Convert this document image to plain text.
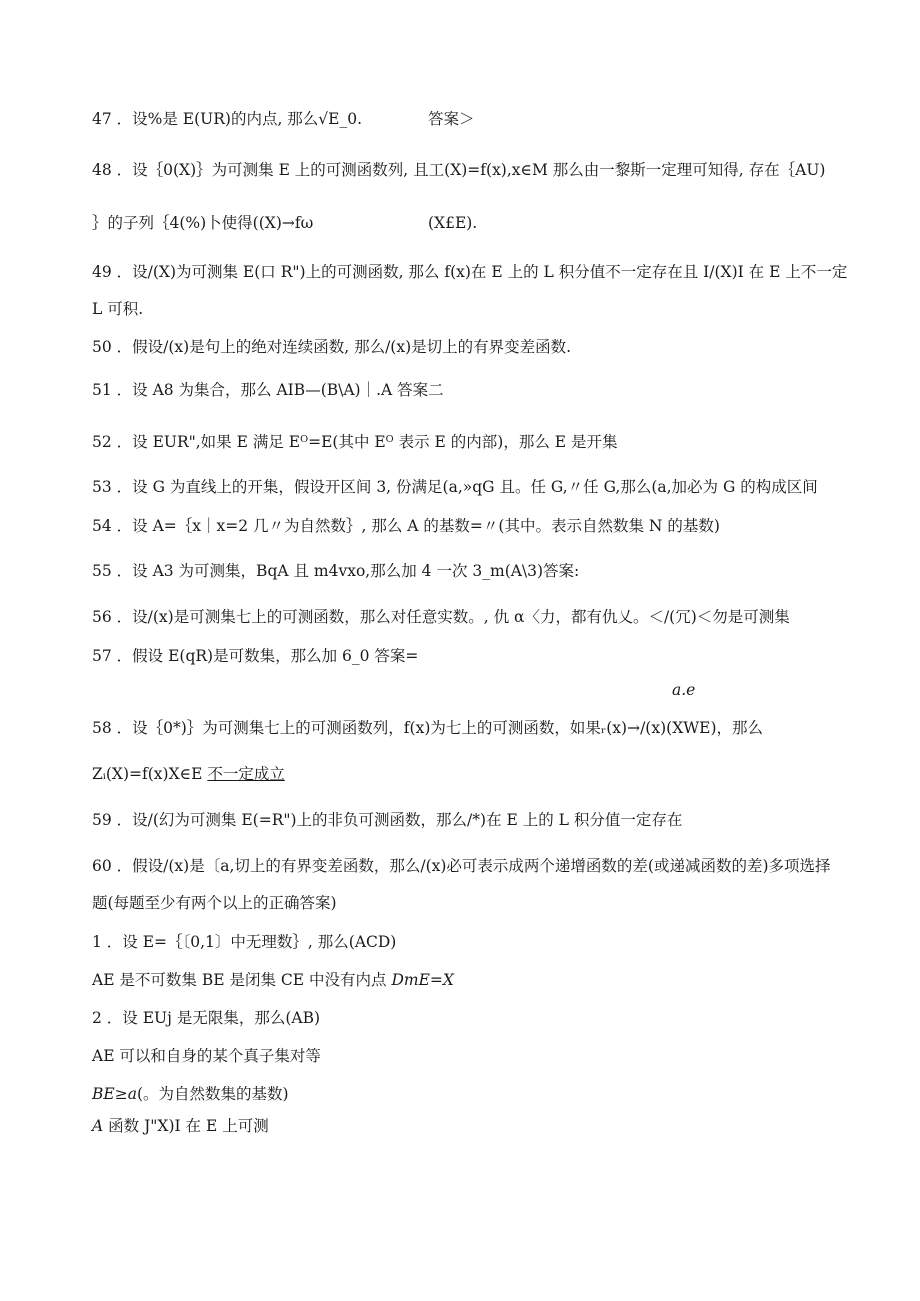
47 ．设%是 E(UR)的内点, 那么√E_0.	答案＞
48 ．设｛0(X)｝为可测集 E 上的可测函数列, 且工(X)=f(x),x∈M 那么由一黎斯一定理可知得, 存在｛AU)
｝的子列｛4(%)卜使得((X)→fω	(X£E).
49 ．设/(X)为可测集 E(口 R")上的可测函数, 那么 f(x)在 E 上的 L 积分值不一定存在且 I/(X)I 在 E 上不一定
L 可积.
50 ．假设/(x)是句上的绝对连续函数, 那么/(x)是切上的有界变差函数.
51 ．设 A8 为集合，那么 AIB—(B\A)｜.A 答案二
52 ．设 EUR",如果 E 满足 Eᴼ=E(其中 Eᴼ 表示 E 的内部)，那么 E 是开集
53 ．设 G 为直线上的开集，假设开区间 3, 份满足(a,»qG 且。任 G,〃任 G,那么(a,加必为 G 的构成区间
54 ．设 A=｛x｜x=2 几〃为自然数｝, 那么 A 的基数=〃(其中。表示自然数集 N 的基数)
55 ．设 A3 为可测集，BqA 且 m4vxo,那么加 4 一次 3_m(A\3)答案:
56 ．设/(x)是可测集七上的可测函数，那么对任意实数。, 仇 α〈力，都有仇乂。＜/(冗)＜勿是可测集
57 ．假设 E(qR)是可数集，那么加 6_0 答案=
a.e
58 ．设｛0*)｝为可测集七上的可测函数列，f(x)为七上的可测函数，如果ᵣ(x)→/(x)(XWE)，那么
Zᵢ(X)=f(x)X∈E 不一定成立
59 ．设/(幻为可测集 E(=R")上的非负可测函数，那么/*)在 E 上的 L 积分值一定存在
60 ．假设/(x)是〔a,切上的有界变差函数，那么/(x)必可表示成两个递增函数的差(或递减函数的差)多项选择
题(每题至少有两个以上的正确答案)
1 ．设 E=｛〔0,1〕中无理数｝, 那么(ACD)
AE 是不可数集 BE 是闭集 CE 中没有内点 DmE=X
2 ．设 EUj 是无限集，那么(AB)
AE 可以和自身的某个真子集对等
BE≥a(。为自然数集的基数)
A 函数 J"X)I 在 E 上可测
